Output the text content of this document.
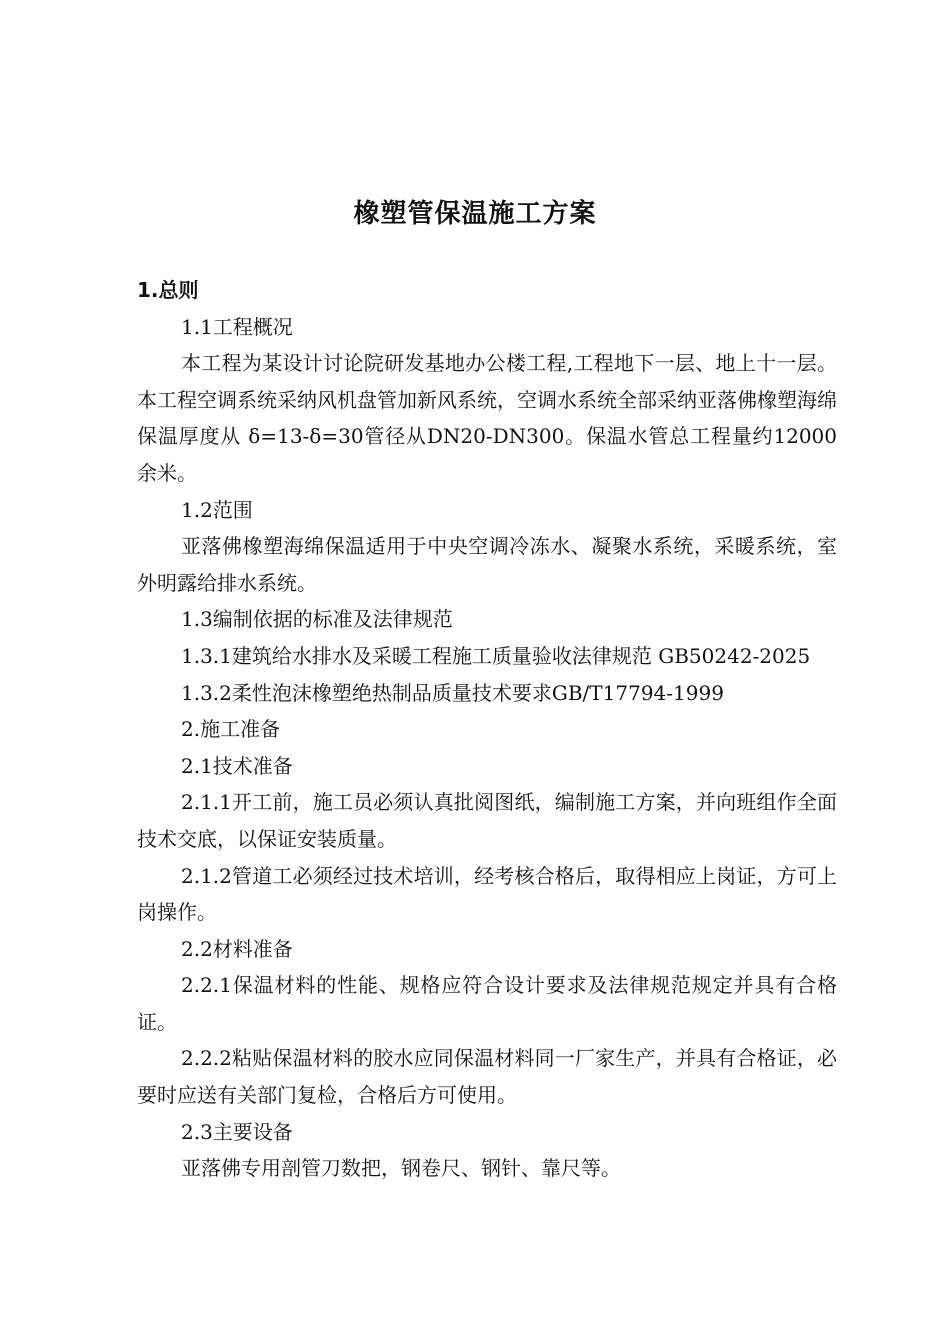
橡塑管保温施工方案

1.总则

1.1工程概况

本工程为某设计讨论院研发基地办公楼工程,工程地下一层、地上十一层。本工程空调系统采纳风机盘管加新风系统，空调水系统全部采纳亚落佛橡塑海绵保温厚度从 δ=13-δ=30管径从DN20-DN300。保温水管总工程量约12000余米。

1.2范围

亚落佛橡塑海绵保温适用于中央空调冷冻水、凝聚水系统，采暖系统，室外明露给排水系统。

1.3编制依据的标准及法律规范

1.3.1建筑给水排水及采暖工程施工质量验收法律规范 GB50242-2025

1.3.2柔性泡沫橡塑绝热制品质量技术要求GB/T17794-1999

2.施工准备

2.1技术准备

2.1.1开工前，施工员必须认真批阅图纸，编制施工方案，并向班组作全面技术交底，以保证安装质量。

2.1.2管道工必须经过技术培训，经考核合格后，取得相应上岗证，方可上岗操作。

2.2材料准备

2.2.1保温材料的性能、规格应符合设计要求及法律规范规定并具有合格证。

2.2.2粘贴保温材料的胶水应同保温材料同一厂家生产，并具有合格证，必要时应送有关部门复检，合格后方可使用。

2.3主要设备

亚落佛专用剖管刀数把，钢卷尺、钢针、靠尺等。
